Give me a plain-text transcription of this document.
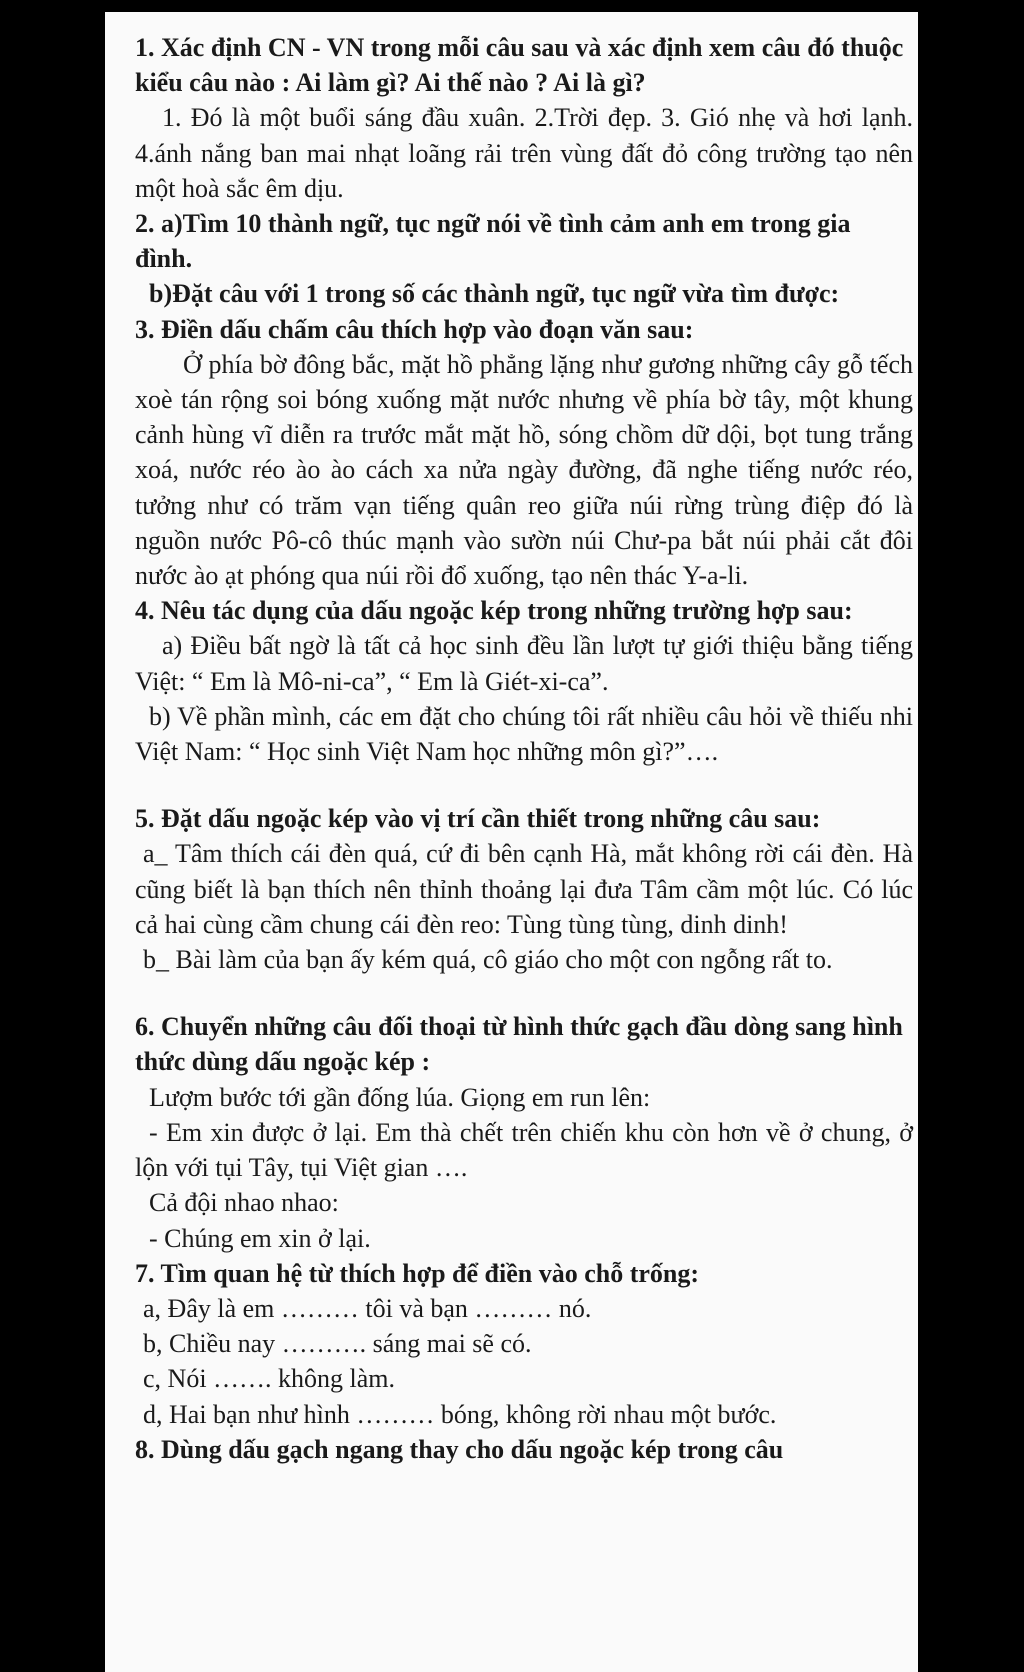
1. Xác định CN - VN trong mỗi câu sau và xác định xem câu đó thuộc kiểu câu nào : Ai làm gì? Ai thế nào ? Ai là gì?

1. Đó là một buổi sáng đầu xuân. 2.Trời đẹp. 3. Gió nhẹ và hơi lạnh. 4.ánh nắng ban mai nhạt loãng rải trên vùng đất đỏ công trường tạo nên một hoà sắc êm dịu.

2. a)Tìm 10 thành ngữ, tục ngữ nói về tình cảm anh em trong gia đình.

b)Đặt câu với 1 trong số các thành ngữ, tục ngữ vừa tìm được:

3. Điền dấu chấm câu thích hợp vào đoạn văn sau:

Ở phía bờ đông bắc, mặt hồ phẳng lặng như gương những cây gỗ tếch xoè tán rộng soi bóng xuống mặt nước nhưng về phía bờ tây, một khung cảnh hùng vĩ diễn ra trước mắt mặt hồ, sóng chồm dữ dội, bọt tung trắng xoá, nước réo ào ào cách xa nửa ngày đường, đã nghe tiếng nước réo, tưởng như có trăm vạn tiếng quân reo giữa núi rừng trùng điệp đó là nguồn nước Pô-cô thúc mạnh vào sườn núi Chư-pa bắt núi phải cắt đôi nước ào ạt phóng qua núi rồi đổ xuống, tạo nên thác Y-a-li.

4. Nêu tác dụng của dấu ngoặc kép trong những trường hợp sau:

a) Điều bất ngờ là tất cả học sinh đều lần lượt tự giới thiệu bằng tiếng Việt: “ Em là Mô-ni-ca”, “ Em là Giét-xi-ca”.

b) Về phần mình, các em đặt cho chúng tôi rất nhiều câu hỏi về thiếu nhi Việt Nam: “ Học sinh Việt Nam học những môn gì?”….

5. Đặt dấu ngoặc kép vào vị trí cần thiết trong những câu sau:

a_ Tâm thích cái đèn quá, cứ đi bên cạnh Hà, mắt không rời cái đèn. Hà cũng biết là bạn thích nên thỉnh thoảng lại đưa Tâm cầm một lúc. Có lúc cả hai cùng cầm chung cái đèn reo: Tùng tùng tùng, dinh dinh!

b_ Bài làm của bạn ấy kém quá, cô giáo cho một con ngỗng rất to.

6. Chuyển những câu đối thoại từ hình thức gạch đầu dòng sang hình thức dùng dấu ngoặc kép :

Lượm bước tới gần đống lúa. Giọng em run lên:

- Em xin được ở lại. Em thà chết trên chiến khu còn hơn về ở chung, ở lộn với tụi Tây, tụi Việt gian ….

Cả đội nhao nhao:

- Chúng em xin ở lại.

7. Tìm quan hệ từ thích hợp để điền vào chỗ trống:

a, Đây là em ……… tôi và bạn ……… nó.

b, Chiều nay ………. sáng mai sẽ có.

c, Nói ……. không làm.

d, Hai bạn như hình ……… bóng, không rời nhau một bước.

8. Dùng dấu gạch ngang thay cho dấu ngoặc kép trong câu
